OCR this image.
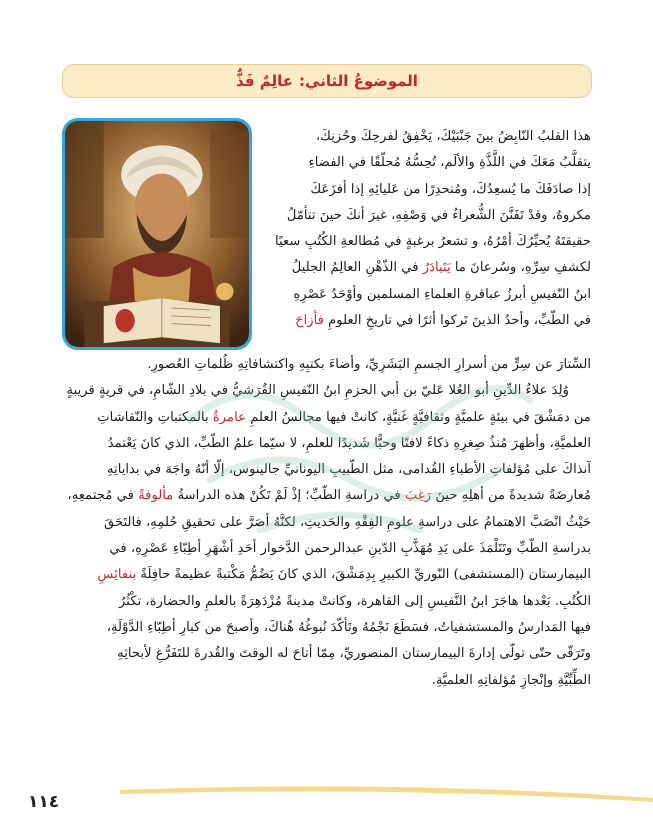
الموضوعُ الثاني:
عالِمٌ فَذٌّ
هذا القلبُ النّابِضُ بينَ جَنْبَيْكَ، يَخْفِقُ لفرحِكَ وحُزنِكَ،
يتقلَّبُ مَعَكَ في اللَّذَّةِ والألَم، تُحِسُّهُ مُحلّقًا في الفضاءِ
إذا صادَفَكَ ما يُسعِدُكَ، ومُنحدِرًا من عَليائِهِ إذا أفزَعَكَ
مكروهٌ، وقدْ تَفَنَّنَ الشُّعراءُ في وَصْفِهِ، غيرَ أنكَ حينَ تتأمّلُ
حقيقتَهُ يُحيِّرُكَ أمْرُهُ، و تشعرُ برغبةٍ في مُطالعةِ الكُتُبِ سعيًا
لكشفِ سِرِّهِ، وسُرعانَ ما يَتَبادَرُ في الذّهْنِ العالِمُ الجليلُ
ابنُ النّفيسِ أبرزُ عباقرةِ العلماءِ المسلمين وأوْحَدُ عَصْرِهِ
في الطّبِّ، وأحدُ الذينَ تَركوا أثرًا في تاريخِ العلومِ فأزاحَ
السِّتارَ عن سِرٍّ من أسرارِ الجسمِ البَشَرِيِّ، وأضاءَ بكتبِهِ واكتشافاتِهِ ظُلماتِ العُصورِ.
وُلِدَ علاءُ الدِّينِ أبو العُلا عَليّ بن أبي الحزمِ ابنُ النّفيسِ القُرَشيُّ في بلادِ الشّامِ، في قريةٍ قريبةٍ
من دمَشْقَ في بيئةٍ علميَّةٍ وثقافيَّةٍ غَنيَّةٍ، كانتْ فيها مجالسُ العلمِ عامرةٌ بالمكتباتِ والنّقاشاتِ
العلميَّةِ، وأظهرَ مُنذُ صِغرِهِ ذكاءً لافتًا وحبًّا شَديدًا للعلمِ، لا سيّما علمُ الطّبِّ، الذي كانَ يَعْتمدُ
آنذاكَ على مُؤلفاتِ الأطباءِ القُدامى، مثل الطّبيبِ اليونانيِّ جالينوس، إلّا أنّهُ واجَهَ في بداياتِهِ
مُعارضَةً شديدةً من أهلِهِ حينَ رَغِبَ في دراسةِ الطّبِّ؛ إذْ لَمْ تَكُنْ هذه الدراسةُ مألوفةً في مُجتمعِهِ،
حَيْثُ انْصَبَّ الاهتمامُ على دراسةِ علومِ الفِقْهِ والحَديثِ، لكنَّهُ أصَرَّ على تحقيقِ حُلمِهِ، فالتَحَقَ
بدراسةِ الطّبِّ وتَتَلْمَذَ على يَدِ مُهَذَّبِ الدّينِ عبدالرحمن الدَّخوار أحَدِ أشْهَرِ أطِبّاءِ عَصْرِهِ، في
البيمارستان (المستشفى) النّوريِّ الكبيرِ بِدِمَشْقَ، الذي كانَ يَضُمُّ مَكْتبةً عظيمةً حافِلَةً بنفائِسِ
الكُتُبِ. بَعْدها هاجَرَ ابنُ النَّفيسِ إلى القاهرة، وكانتْ مدينةً مُزْدَهِرَةً بالعلمِ والحضارة، تكْثُرُ
فيها المَدارسُ والمستشفياتُ، فسَطَعَ نَجْمُهُ وتَأكّدَ نُبوغُهُ هُناكَ، وأصبحَ من كبارِ أطِبّاءِ الدَّوْلَةِ،
وتَرَقّى حتّى تولّى إدارةَ البيمارستان المنصوريِّ، مِمّا أتاحَ له الوقتَ والقُدرةَ للتَفَرُّغِ لأبحاثِهِ
الطِّبِّيَّةِ وإنْجازِ مُؤلفاتِهِ العلميَّةِ.
١١٤
